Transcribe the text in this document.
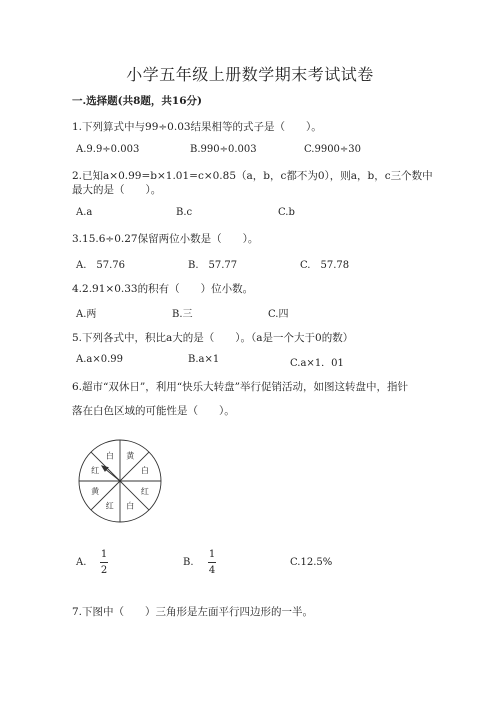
小学五年级上册数学期末考试试卷
一.选择题(共8题，共16分)
1.下列算式中与99÷0.03结果相等的式子是（　　）。
A.9.9÷0.003	B.990÷0.003	C.9900÷30
2.已知a×0.99=b×1.01=c×0.85（a，b，c都不为0），则a，b，c三个数中
最大的是（　　）。
A.a	B.c	C.b
3.15.6÷0.27保留两位小数是（　　）。
A.　57.76	B.　57.77	C.　57.78
4.2.91×0.33的积有（　　）位小数。
A.两	B.三	C.四
5.下列各式中，积比a大的是（　　）。（a是一个大于0的数）
A.a×0.99	B.a×1	C.a×1．01
6.超市“双休日”，利用“快乐大转盘”举行促销活动，如图这转盘中，指针
落在白色区域的可能性是（　　）。
黄
白
红
白
红
黄
红
白
A.
1
2
B.
1
4
C.12.5%
7.下图中（　　）三角形是左面平行四边形的一半。
